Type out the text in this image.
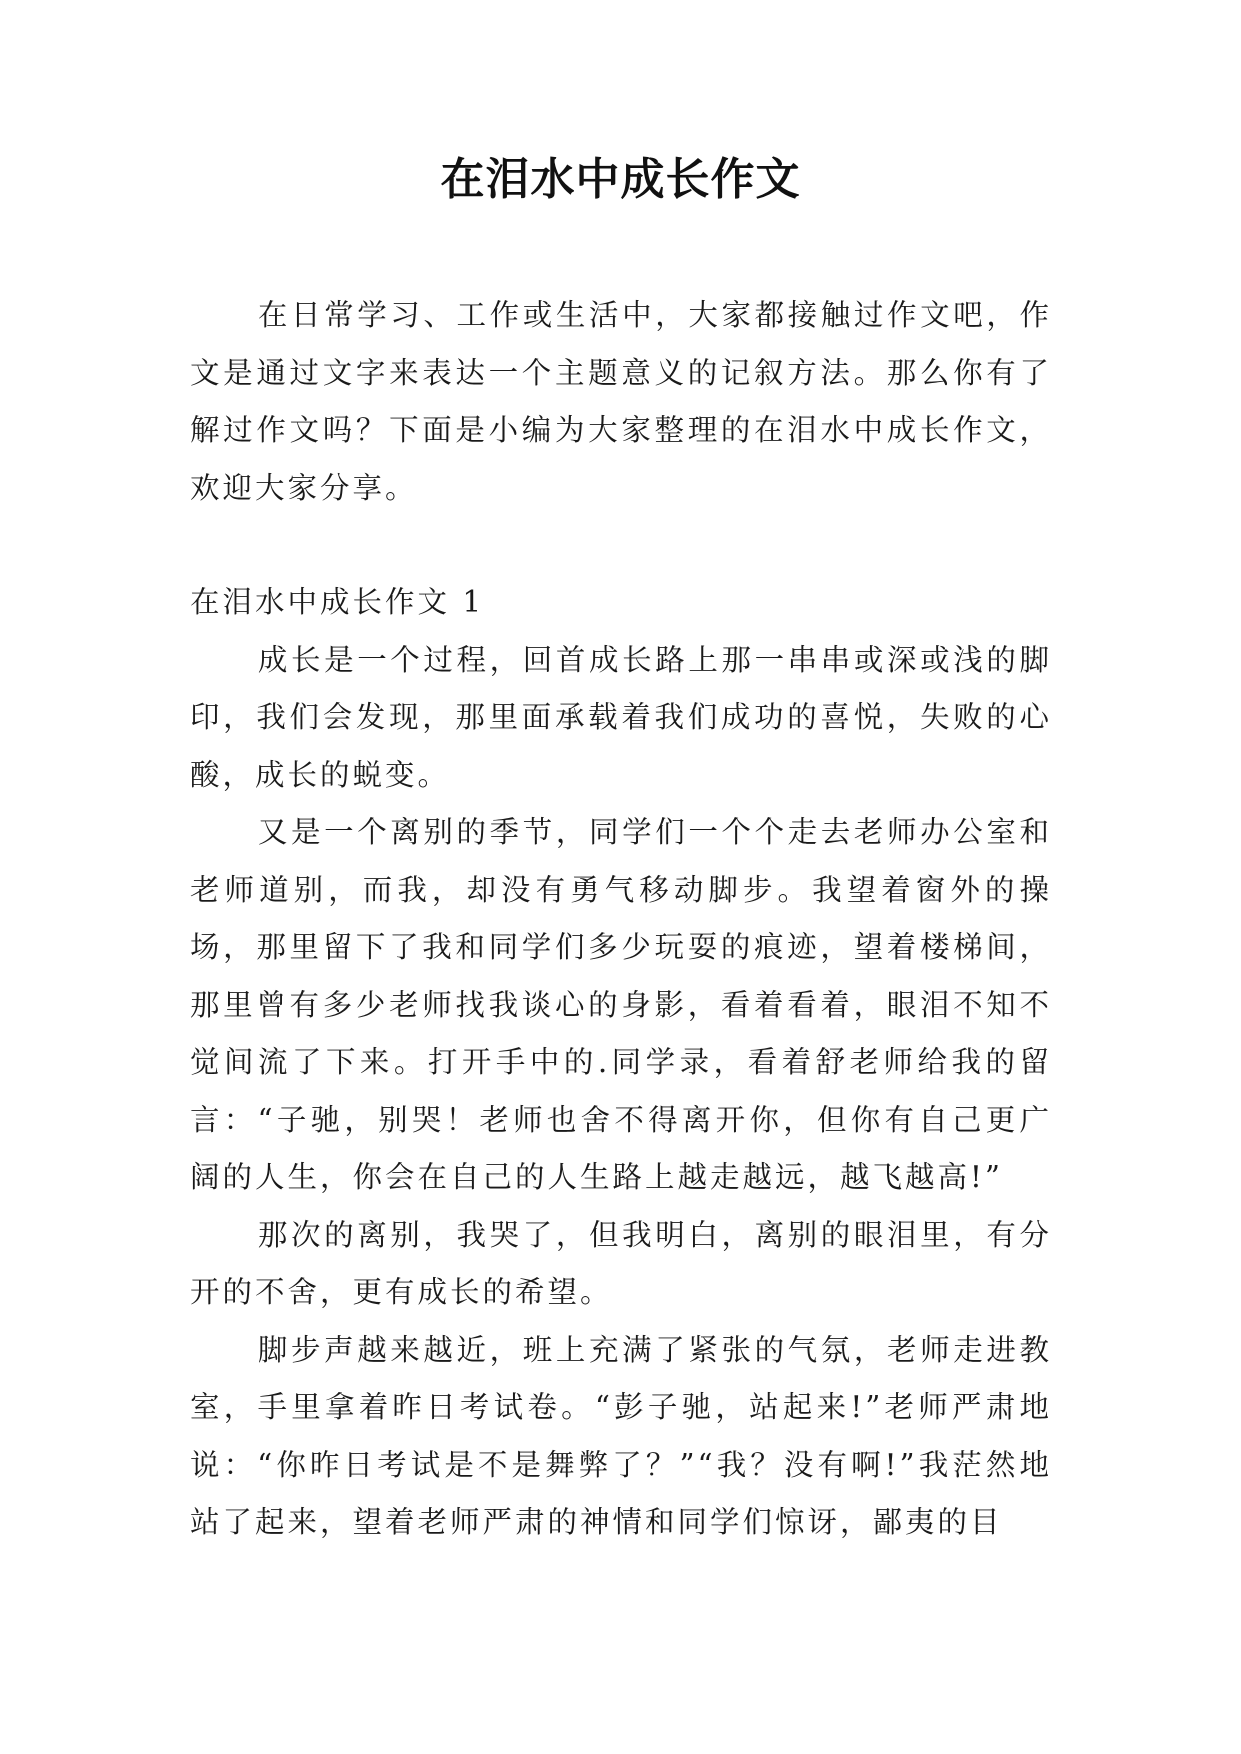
在泪水中成长作文

在日常学习、工作或生活中，大家都接触过作文吧，作文是通过文字来表达一个主题意义的记叙方法。那么你有了解过作文吗？下面是小编为大家整理的在泪水中成长作文，欢迎大家分享。

在泪水中成长作文 1

成长是一个过程，回首成长路上那一串串或深或浅的脚印，我们会发现，那里面承载着我们成功的喜悦，失败的心酸，成长的蜕变。

又是一个离别的季节，同学们一个个走去老师办公室和老师道别，而我，却没有勇气移动脚步。我望着窗外的操场，那里留下了我和同学们多少玩耍的痕迹，望着楼梯间，那里曾有多少老师找我谈心的身影，看着看着，眼泪不知不觉间流了下来。打开手中的.同学录，看着舒老师给我的留言：“子驰，别哭！老师也舍不得离开你，但你有自己更广阔的人生，你会在自己的人生路上越走越远，越飞越高!”

那次的离别，我哭了，但我明白，离别的眼泪里，有分开的不舍，更有成长的希望。

脚步声越来越近，班上充满了紧张的气氛，老师走进教室，手里拿着昨日考试卷。“彭子驰，站起来!”老师严肃地说：“你昨日考试是不是舞弊了？”“我？没有啊!”我茫然地站了起来，望着老师严肃的神情和同学们惊讶，鄙夷的目
